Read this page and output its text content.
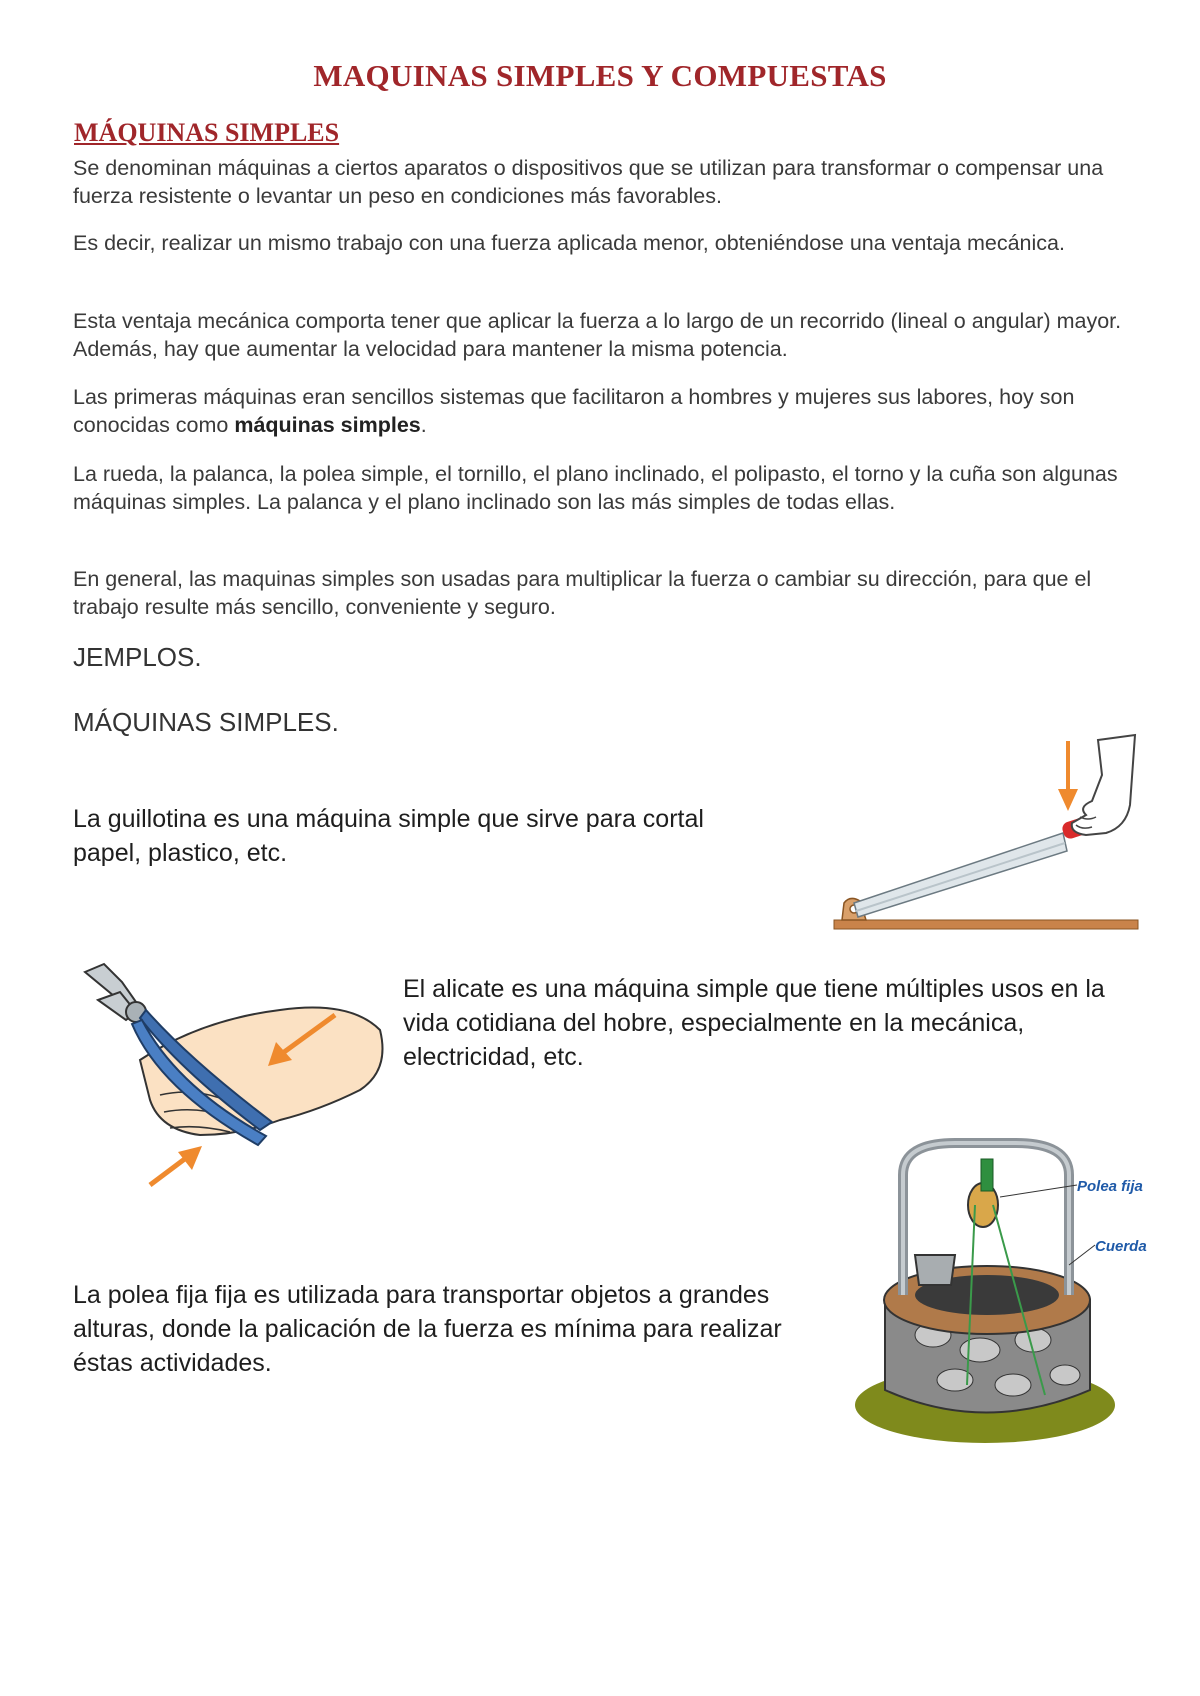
MAQUINAS SIMPLES Y COMPUESTAS
MÁQUINAS SIMPLES

Se denominan máquinas a ciertos aparatos o dispositivos que se utilizan para transformar o compensar una fuerza resistente o levantar un peso en condiciones más favorables.

Es decir, realizar un mismo trabajo con una fuerza aplicada menor, obteniéndose una ventaja mecánica.

Esta ventaja mecánica comporta tener que aplicar la fuerza a lo largo de un recorrido (lineal o angular) mayor. Además, hay que aumentar la velocidad para mantener la misma potencia.

Las primeras máquinas eran sencillos sistemas que facilitaron a hombres y mujeres sus labores, hoy son conocidas como máquinas simples.

La rueda, la palanca, la polea simple, el tornillo, el plano inclinado, el polipasto, el torno y la cuña son algunas máquinas simples. La palanca y el plano inclinado son las más simples de todas ellas.

En general, las maquinas simples son usadas para multiplicar la fuerza o cambiar su dirección, para que el trabajo resulte más sencillo, conveniente y seguro.

JEMPLOS.
MÁQUINAS SIMPLES.

La guillotina es una máquina simple que sirve para cortal papel, plastico, etc.

El alicate es una máquina simple que tiene múltiples usos en la vida cotidiana del hobre, especialmente en la mecánica, electricidad, etc.

La polea fija fija es utilizada para transportar objetos a grandes alturas, donde la palicación de la fuerza es mínima para realizar éstas actividades.

Polea fija
Cuerda
